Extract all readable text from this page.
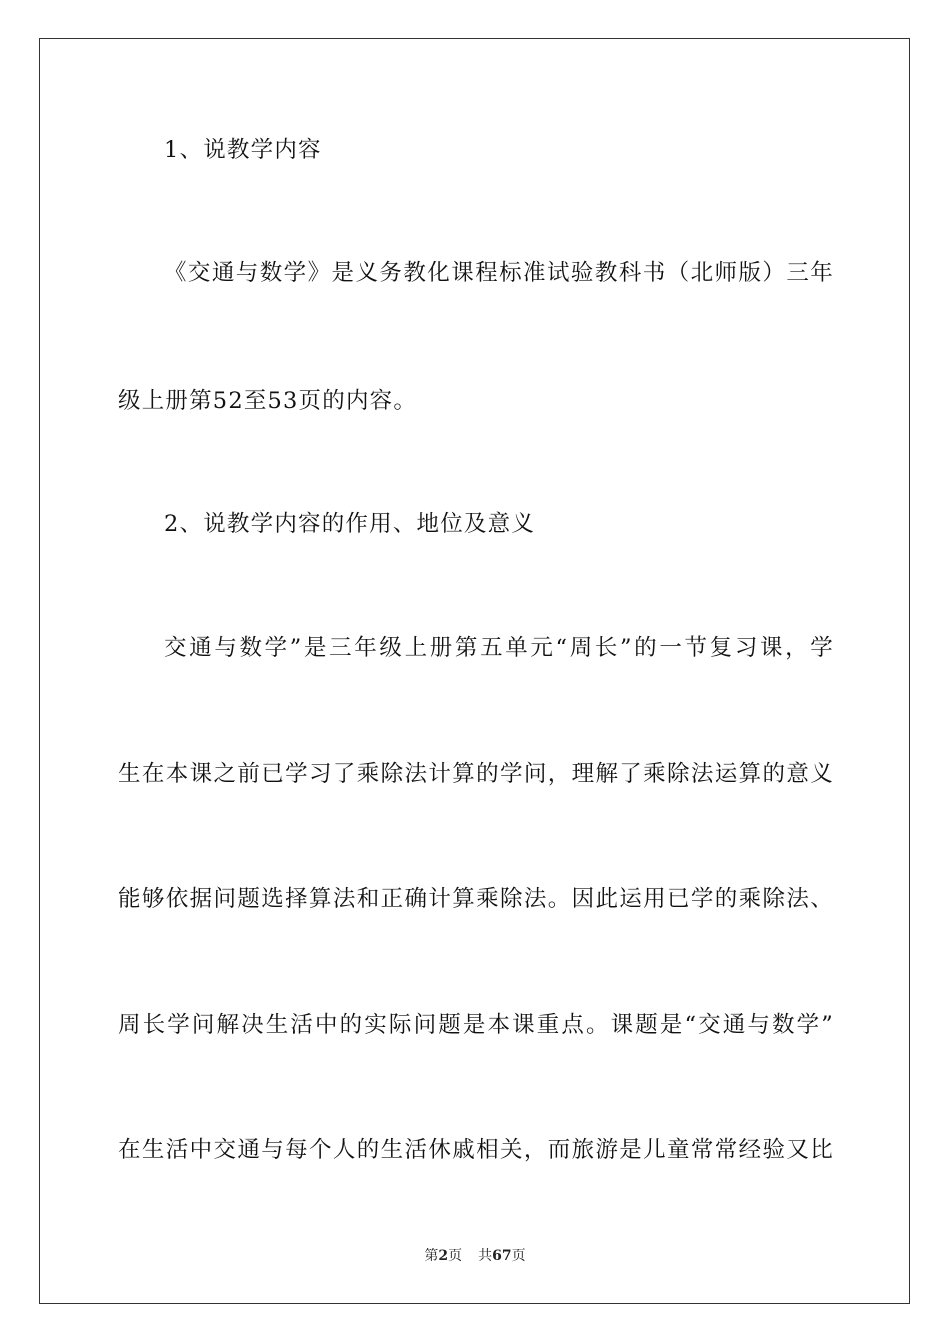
1、说教学内容
《交通与数学》是义务教化课程标准试验教科书（北师版）三年
级上册第52至53页的内容。
2、说教学内容的作用、地位及意义
交通与数学”是三年级上册第五单元“周长”的一节复习课，学
生在本课之前已学习了乘除法计算的学问，理解了乘除法运算的意义
能够依据问题选择算法和正确计算乘除法。因此运用已学的乘除法、
周长学问解决生活中的实际问题是本课重点。课题是“交通与数学”
在生活中交通与每个人的生活休戚相关，而旅游是儿童常常经验又比
第2页 共67页
